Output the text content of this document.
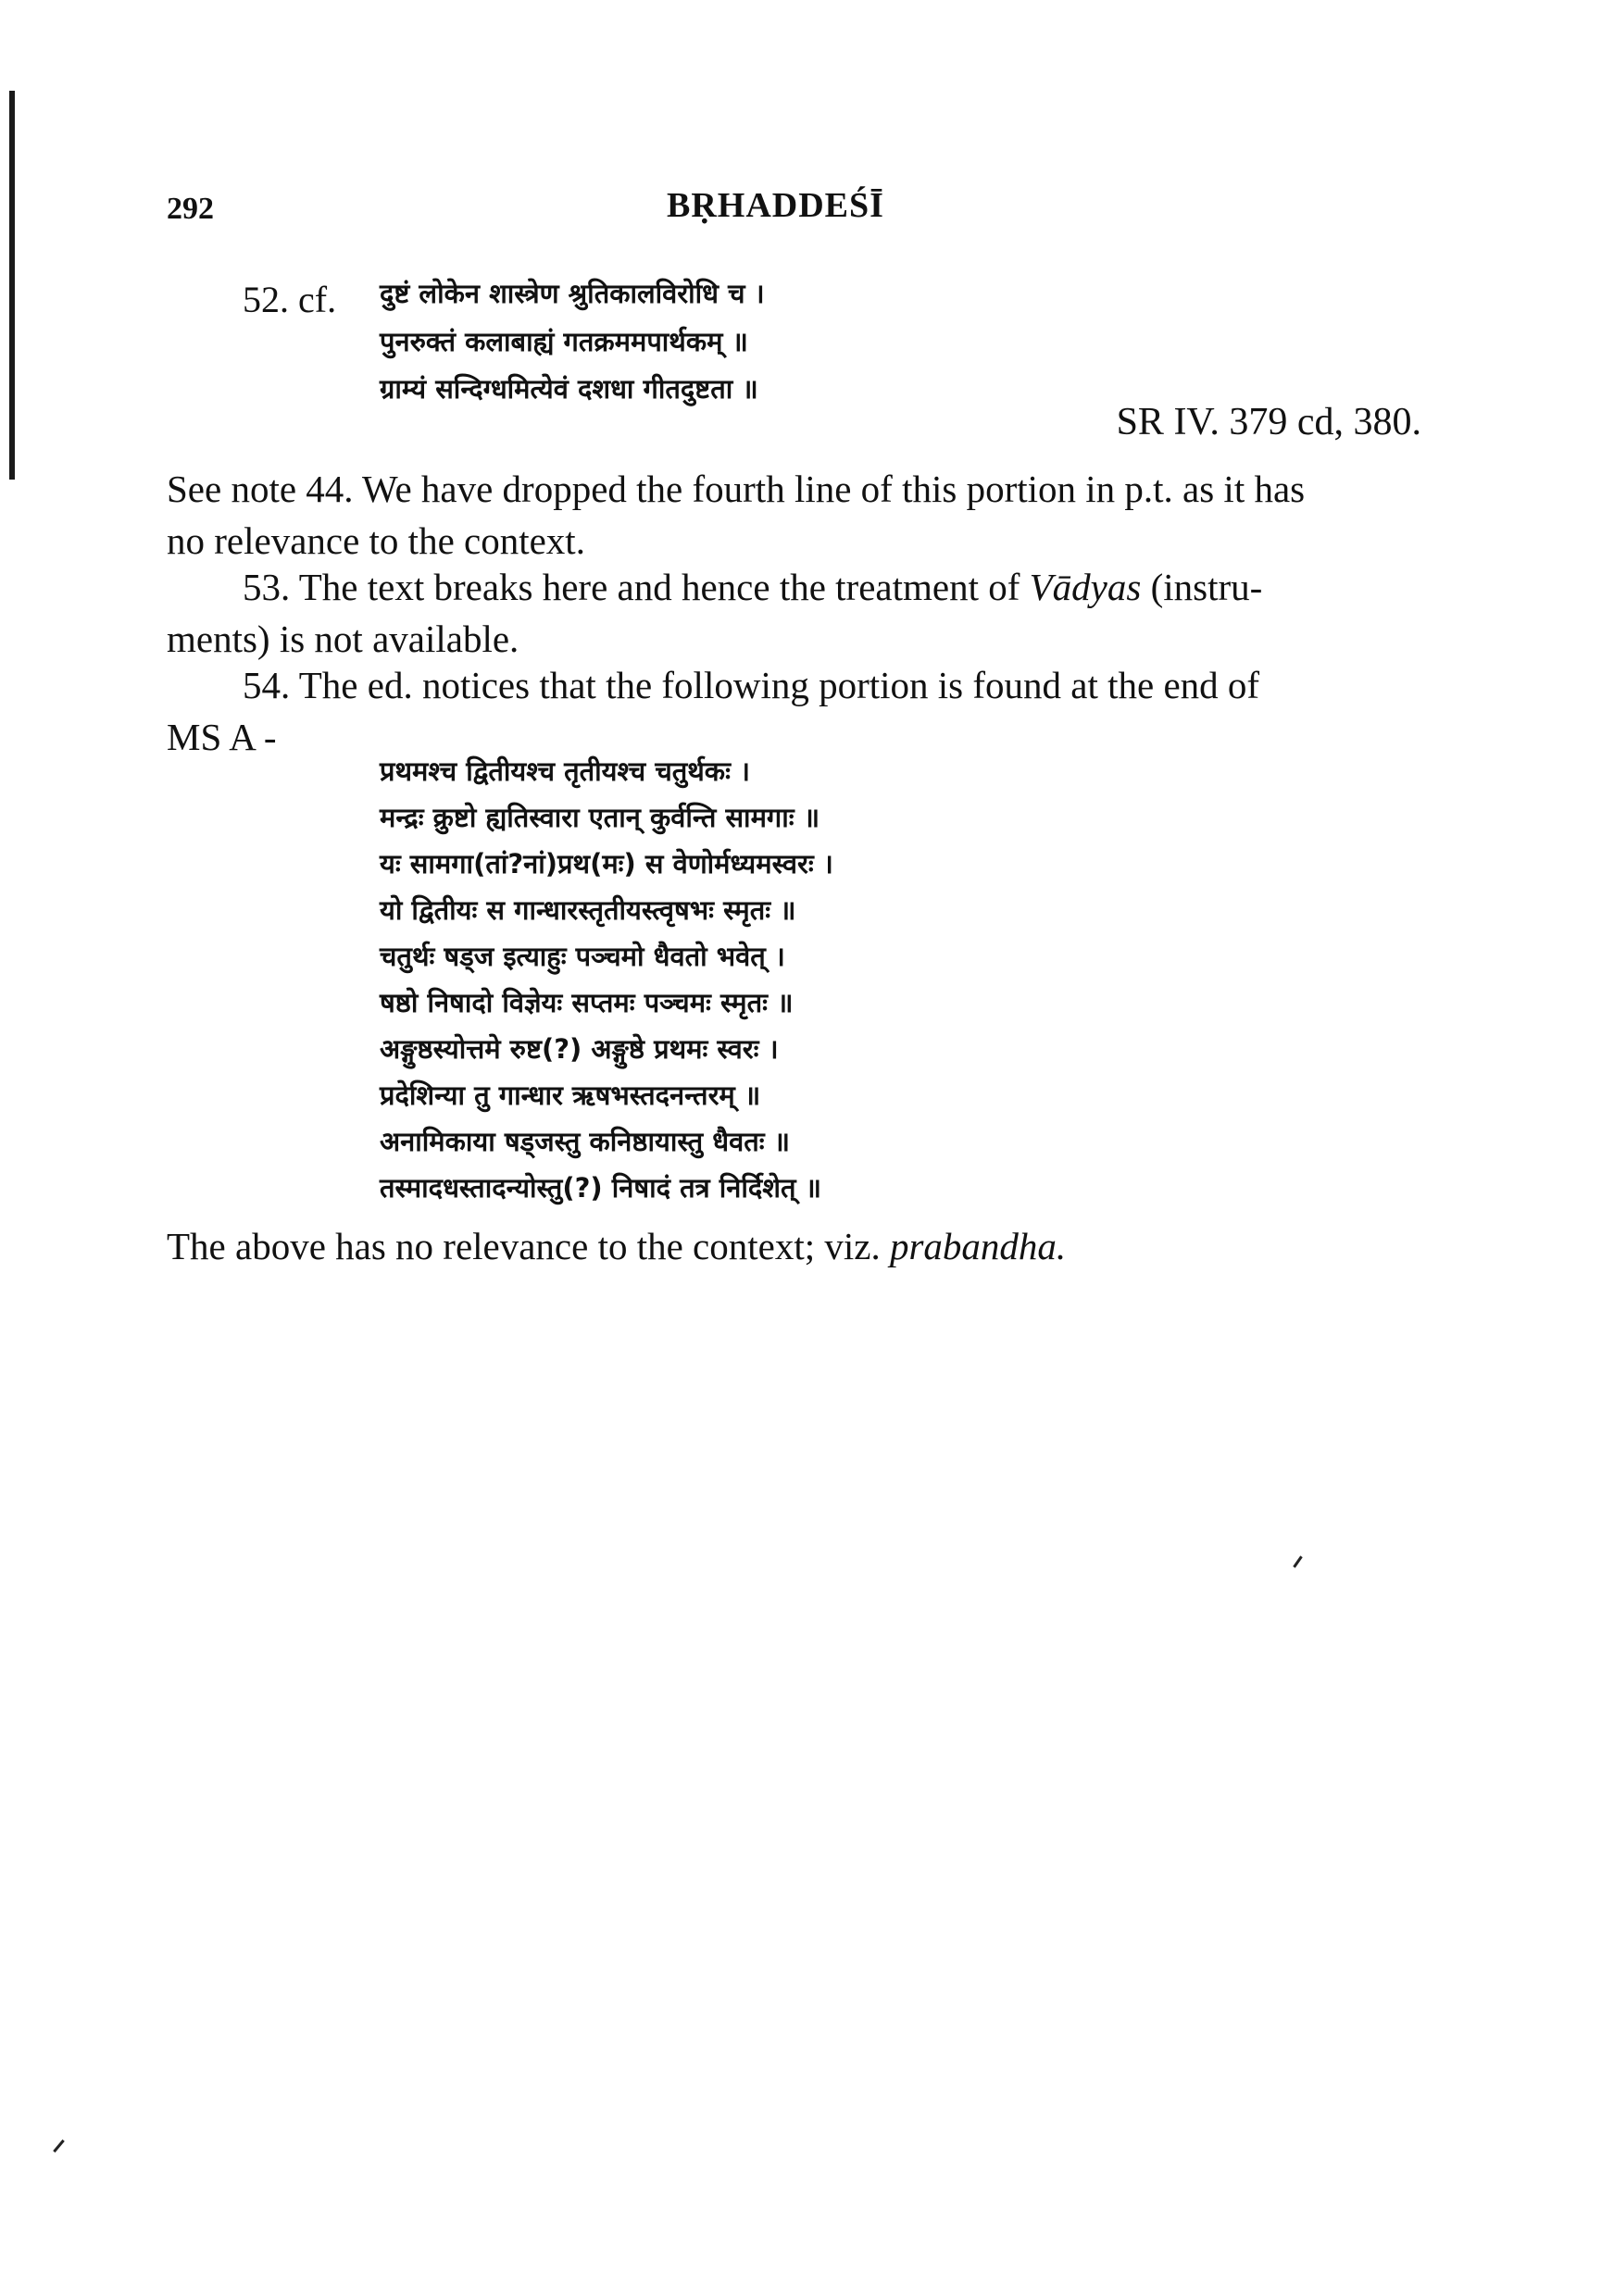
292	BṚHADDEŚĪ
52. cf. दुष्टं लोकेन शास्त्रेण श्रुतिकालविरोधि च ।
पुनरुक्तं कलाबाह्यं गतक्रममपार्थकम् ॥
ग्राम्यं सन्दिग्धमित्येवं दशधा गीतदुष्टता ॥
SR IV. 379 cd, 380.
See note 44. We have dropped the fourth line of this portion in p.t. as it has
no relevance to the context.
53. The text breaks here and hence the treatment of Vādyas (instru-
ments) is not available.
54. The ed. notices that the following portion is found at the end of
MS A -
प्रथमश्च द्वितीयश्च तृतीयश्च चतुर्थकः ।
मन्द्रः क्रुष्टो ह्यतिस्वारा एतान् कुर्वन्ति सामगाः ॥
यः सामगा(तां?नां)प्रथ(मः) स वेणोर्मध्यमस्वरः ।
यो द्वितीयः स गान्धारस्तृतीयस्त्वृषभः स्मृतः ॥
चतुर्थः षड्ज इत्याहुः पञ्चमो धैवतो भवेत् ।
षष्ठो निषादो विज्ञेयः सप्तमः पञ्चमः स्मृतः ॥
अङ्गुष्ठस्योत्तमे रुष्ट(?) अङ्गुष्ठे प्रथमः स्वरः ।
प्रदेशिन्या तु गान्धार ऋषभस्तदनन्तरम् ॥
अनामिकाया षड्जस्तु कनिष्ठायास्तु धैवतः ॥
तस्मादधस्तादन्योस्तु(?) निषादं तत्र निर्दिशेत् ॥
The above has no relevance to the context; viz. prabandha.
